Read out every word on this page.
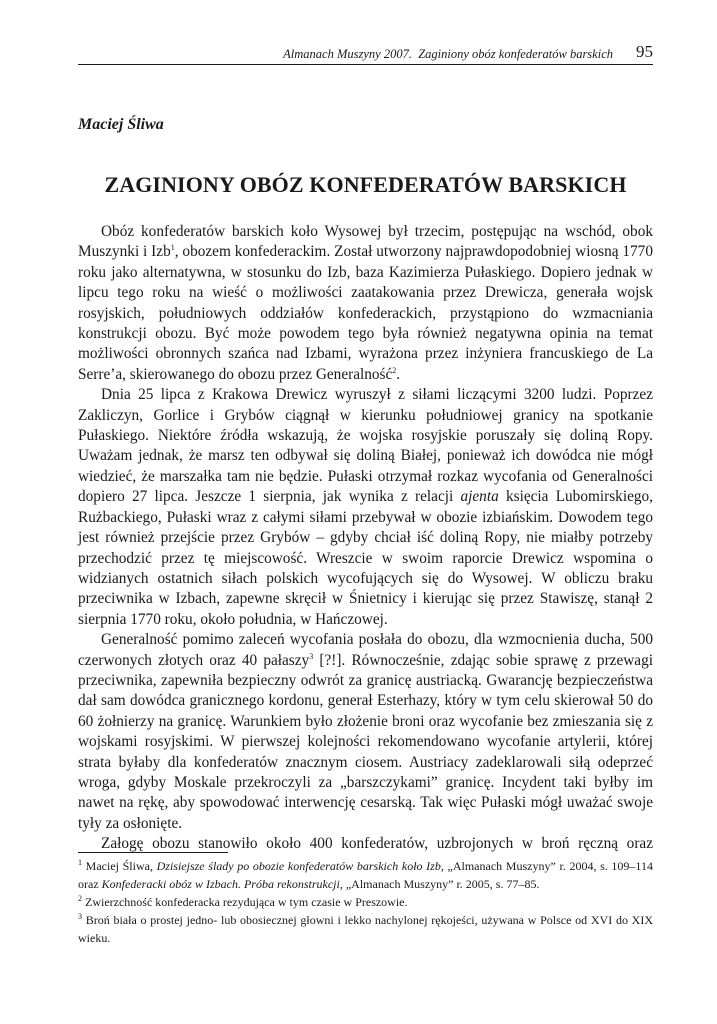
Almanach Muszyny 2007. Zaginiony obóz konfederatów barskich 95
Maciej Śliwa
ZAGINIONY OBÓZ KONFEDERATÓW BARSKICH

Obóz konfederatów barskich koło Wysowej był trzecim, postępując na wschód, obok Muszynki i Izb$^1$, obozem konfederackim. Został utworzony najprawdopodobniej wiosną 1770 roku jako alternatywna, w stosunku do Izb, baza Kazimierza Pułaskiego. Dopiero jednak w lipcu tego roku na wieść o możliwości zaatakowania przez Drewicza, generała wojsk rosyjskich, południowych oddziałów konfederackich, przystąpiono do wzmacniania konstrukcji obozu. Być może powodem tego była również negatywna opinia na temat możliwości obronnych szańca nad Izbami, wyrażona przez inżyniera francuskiego de La Serre’a, skierowanego do obozu przez Generalność$^2$.

Dnia 25 lipca z Krakowa Drewicz wyruszył z siłami liczącymi 3200 ludzi. Poprzez Zakliczyn, Gorlice i Grybów ciągnął w kierunku południowej granicy na spotkanie Pułaskiego. Niektóre źródła wskazują, że wojska rosyjskie poruszały się doliną Ropy. Uważam jednak, że marsz ten odbywał się doliną Białej, ponieważ ich dowódca nie mógł wiedzieć, że marszałka tam nie będzie. Pułaski otrzymał rozkaz wycofania od Generalności dopiero 27 lipca. Jeszcze 1 sierpnia, jak wynika z relacji ajenta księcia Lubomirskiego, Rużbackiego, Pułaski wraz z całymi siłami przebywał w obozie izbiańskim. Dowodem tego jest również przejście przez Grybów – gdyby chciał iść doliną Ropy, nie miałby potrzeby przechodzić przez tę miejscowość. Wreszcie w swoim raporcie Drewicz wspomina o widzianych ostatnich siłach polskich wycofujących się do Wysowej. W obliczu braku przeciwnika w Izbach, zapewne skręcił w Śnietnicy i kierując się przez Stawiszę, stanął 2 sierpnia 1770 roku, około południa, w Hańczowej.

Generalność pomimo zaleceń wycofania posłała do obozu, dla wzmocnienia ducha, 500 czerwonych złotych oraz 40 pałaszy$^3$ [?!]. Równocześnie, zdając sobie sprawę z przewagi przeciwnika, zapewniła bezpieczny odwrót za granicę austriacką. Gwarancję bezpieczeństwa dał sam dowódca granicznego kordonu, generał Esterhazy, który w tym celu skierował 50 do 60 żołnierzy na granicę. Warunkiem było złożenie broni oraz wycofanie bez zmieszania się z wojskami rosyjskimi. W pierwszej kolejności rekomendowano wycofanie artylerii, której strata byłaby dla konfederatów znacznym ciosem. Austriacy zadeklarowali siłą odeprzeć wroga, gdyby Moskale przekroczyli za „barszczykami” granicę. Incydent taki byłby im nawet na rękę, aby spowodować interwencję cesarską. Tak więc Pułaski mógł uważać swoje tyły za osłonięte.

Załogę obozu stanowiło około 400 konfederatów, uzbrojonych w broń ręczną oraz

$^1$ Maciej Śliwa, Dzisiejsze ślady po obozie konfederatów barskich koło Izb, „Almanach Muszyny” r. 2004, s. 109–114 oraz Konfederacki obóz w Izbach. Próba rekonstrukcji, „Almanach Muszyny” r. 2005, s. 77–85.

$^2$ Zwierzchność konfederacka rezydująca w tym czasie w Preszowie.

$^3$ Broń biała o prostej jedno- lub obosiecznej głowni i lekko nachylonej rękojeści, używana w Polsce od XVI do XIX wieku.
